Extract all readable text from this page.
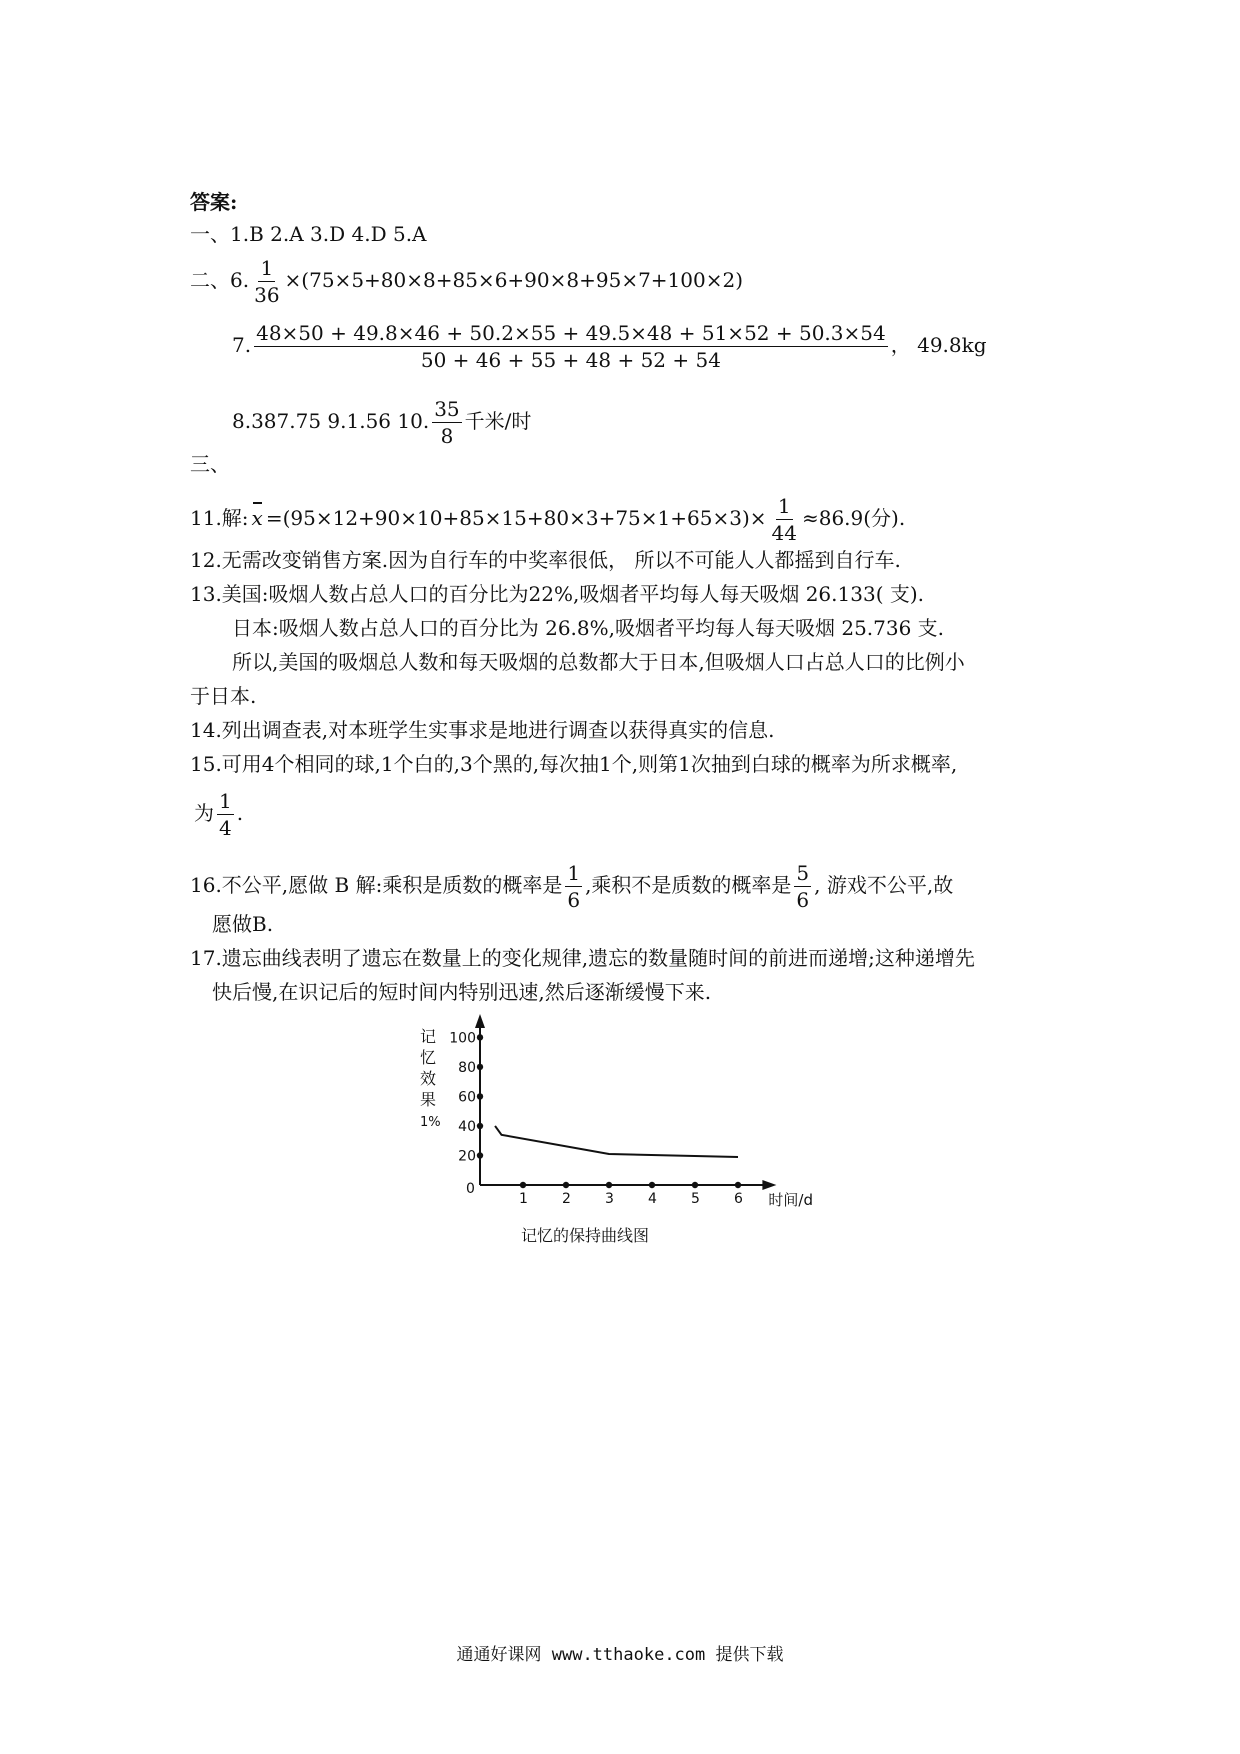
答案:
一、1.B 2.A 3.D 4.D 5.A
二、6. $\frac{1}{36} \times(75\times 5+80\times 8+85\times 6+90\times 8+95\times 7+100\times 2)$
7. $\frac{48\times 50 + 49.8\times 46 + 50.2\times 55 + 49.5\times 48 + 51\times 52 + 50.3\times 54}{50 + 46 + 55 + 48 + 52 + 54}$ ， 49.8kg
8.387.75 9.1.56 10. $\frac{35}{8}$ 千米/时
三、
11.解: $x =(95\times 12+90\times 10+85\times 15+80\times 3+75\times 1+65\times 3)\times \frac{1}{44} \approx 86.9$(分).
12.无需改变销售方案.因为自行车的中奖率很低， 所以不可能人人都摇到自行车.
13.美国:吸烟人数占总人口的百分比为22%,吸烟者平均每人每天吸烟 26.133( 支).
日本:吸烟人数占总人口的百分比为 26.8%,吸烟者平均每人每天吸烟 25.736 支.
所以,美国的吸烟总人数和每天吸烟的总数都大于日本,但吸烟人口占总人口的比例小
于日本.
14.列出调查表,对本班学生实事求是地进行调查以获得真实的信息.
15.可用4个相同的球,1个白的,3个黑的,每次抽1个,则第1次抽到白球的概率为所求概率,
为 $\frac{1}{4}$ .
16.不公平,愿做 B 解:乘积是质数的概率是 $\frac{1}{6}$ ,乘积不是质数的概率是 $\frac{5}{6}$ , 游戏不公平,故
愿做B.
17.遗忘曲线表明了遗忘在数量上的变化规律,遗忘的数量随时间的前进而递增;这种递增先
快后慢,在识记后的短时间内特别迅速,然后逐渐缓慢下来.
记
忆
效
果
1%
0
时间/d
1 2 3 4 5 6
20
40
60
80
100
记忆的保持曲线图
通通好课网 www.tthaoke.com 提供下载
